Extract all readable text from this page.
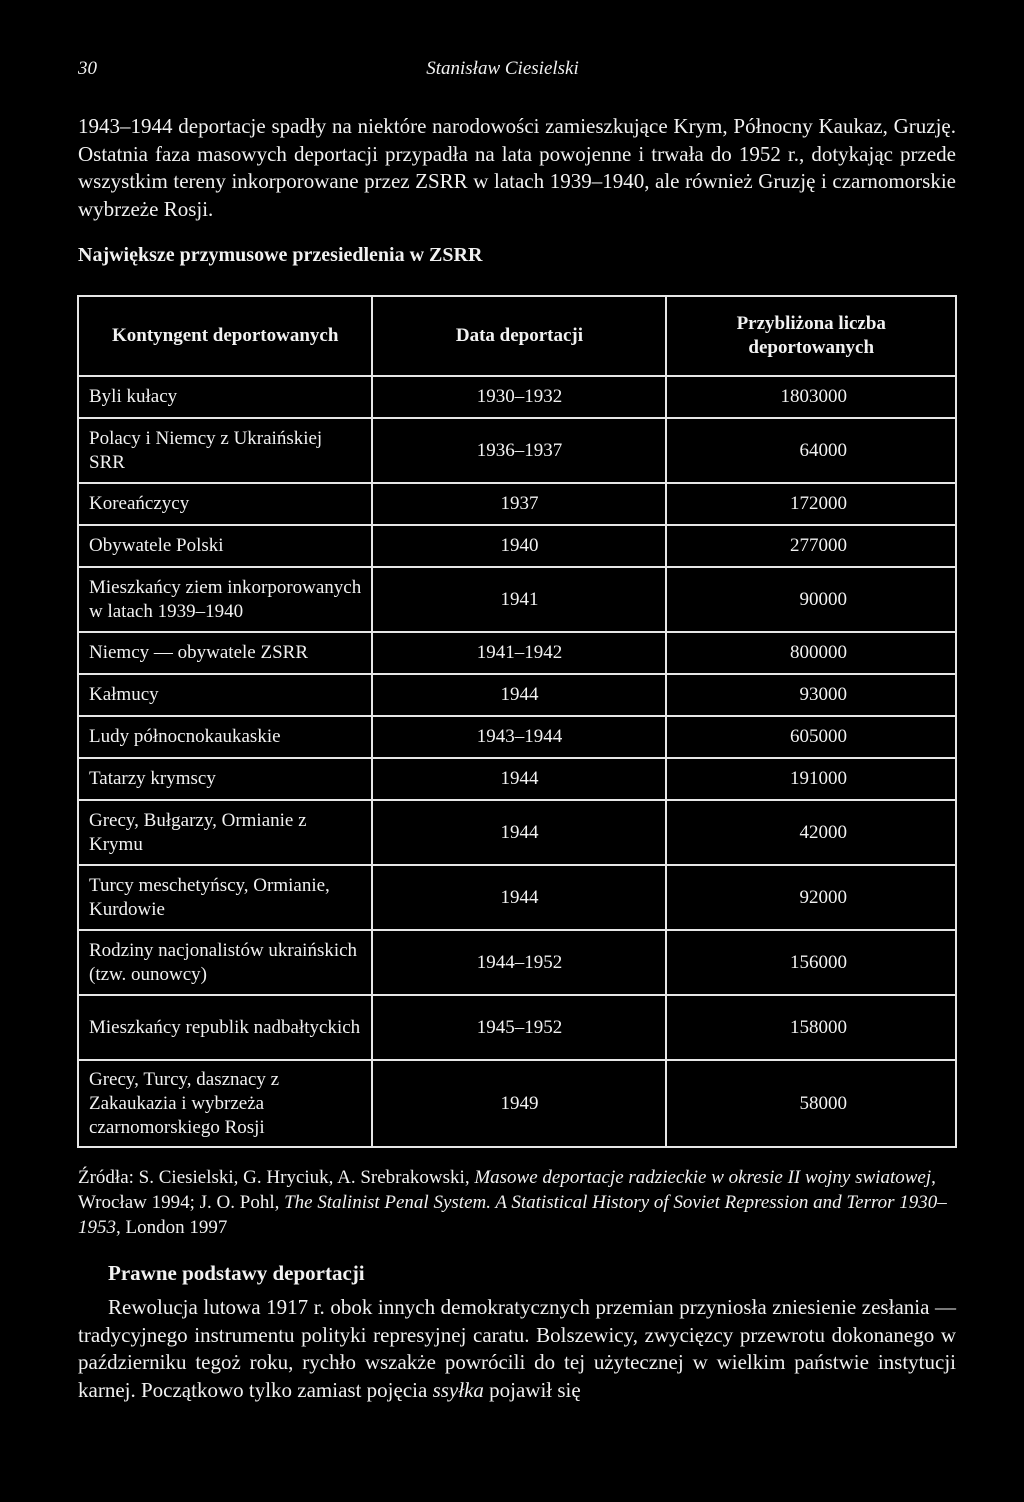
30	Stanisław Ciesielski

1943–1944 deportacje spadły na niektóre narodowości zamieszkujące Krym, Północny Kaukaz, Gruzję. Ostatnia faza masowych deportacji przypadła na lata powojenne i trwała do 1952 r., dotykając przede wszystkim tereny inkorporowane przez ZSRR w latach 1939–1940, ale również Gruzję i czarnomorskie wybrzeże Rosji.

Największe przymusowe przesiedlenia w ZSRR
Kontyngent deportowanych	Data deportacji	Przybliżona liczba deportowanych
Byli kułacy	1930–1932	1803000
Polacy i Niemcy z Ukraińskiej SRR	1936–1937	64000
Koreańczycy	1937	172000
Obywatele Polski	1940	277000
Mieszkańcy ziem inkorporowanych w latach 1939–1940	1941	90000
Niemcy — obywatele ZSRR	1941–1942	800000
Kałmucy	1944	93000
Ludy północnokaukaskie	1943–1944	605000
Tatarzy krymscy	1944	191000
Grecy, Bułgarzy, Ormianie z Krymu	1944	42000
Turcy meschetyńscy, Ormianie, Kurdowie	1944	92000
Rodziny nacjonalistów ukraińskich (tzw. ounowcy)	1944–1952	156000
Mieszkańcy republik nadbałtyckich	1945–1952	158000
Grecy, Turcy, dasznacy z Zakaukazia i wybrzeża czarnomorskiego Rosji	1949	58000
Źródła: S. Ciesielski, G. Hryciuk, A. Srebrakowski, Masowe deportacje radzieckie w okresie II wojny swiatowej, Wrocław 1994; J. O. Pohl, The Stalinist Penal System. A Statistical History of Soviet Repression and Terror 1930–1953, London 1997
Prawne podstawy deportacji

Rewolucja lutowa 1917 r. obok innych demokratycznych przemian przyniosła zniesienie zesłania — tradycyjnego instrumentu polityki represyjnej caratu. Bolszewicy, zwycięzcy przewrotu dokonanego w październiku tegoż roku, rychło wszakże powrócili do tej użytecznej w wielkim państwie instytucji karnej. Początkowo tylko zamiast pojęcia ssyłka pojawił się
